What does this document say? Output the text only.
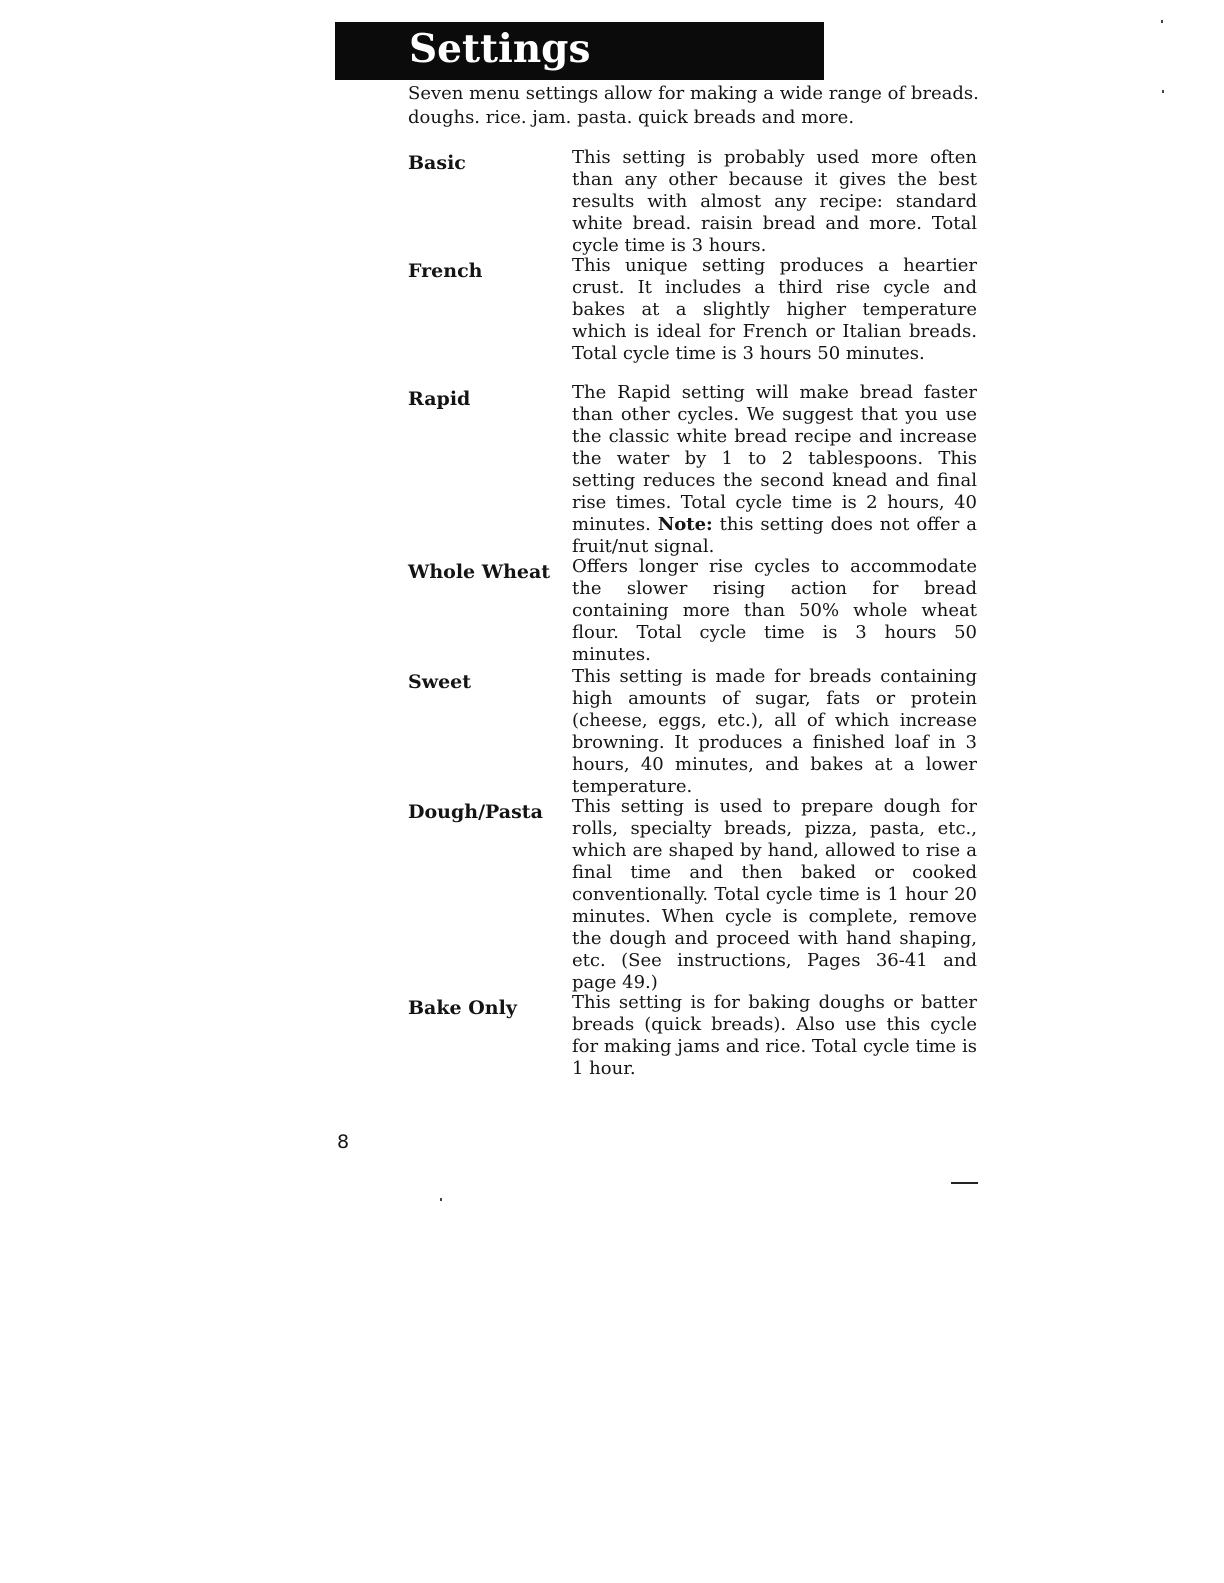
Settings
Seven menu settings allow for making a wide range of breads. doughs. rice. jam. pasta. quick breads and more.
Basic	This setting is probably used more often than any other because it gives the best results with almost any recipe: standard white bread. raisin bread and more. Total cycle time is 3 hours.
French	This unique setting produces a heartier crust. It includes a third rise cycle and bakes at a slightly higher temperature which is ideal for French or Italian breads. Total cycle time is 3 hours 50 minutes.
Rapid	The Rapid setting will make bread faster than other cycles. We suggest that you use the classic white bread recipe and increase the water by 1 to 2 tablespoons. This setting reduces the second knead and final rise times. Total cycle time is 2 hours, 40 minutes. Note: this setting does not offer a fruit/nut signal.
Whole Wheat	Offers longer rise cycles to accommodate the slower rising action for bread containing more than 50% whole wheat flour. Total cycle time is 3 hours 50 minutes.
Sweet	This setting is made for breads containing high amounts of sugar, fats or protein (cheese, eggs, etc.), all of which increase browning. It produces a finished loaf in 3 hours, 40 minutes, and bakes at a lower temperature.
Dough/Pasta	This setting is used to prepare dough for rolls, specialty breads, pizza, pasta, etc., which are shaped by hand, allowed to rise a final time and then baked or cooked conventionally. Total cycle time is 1 hour 20 minutes. When cycle is complete, remove the dough and proceed with hand shaping, etc. (See instructions, Pages 36-41 and page 49.)
Bake Only	This setting is for baking doughs or batter breads (quick breads). Also use this cycle for making jams and rice. Total cycle time is 1 hour.
8
